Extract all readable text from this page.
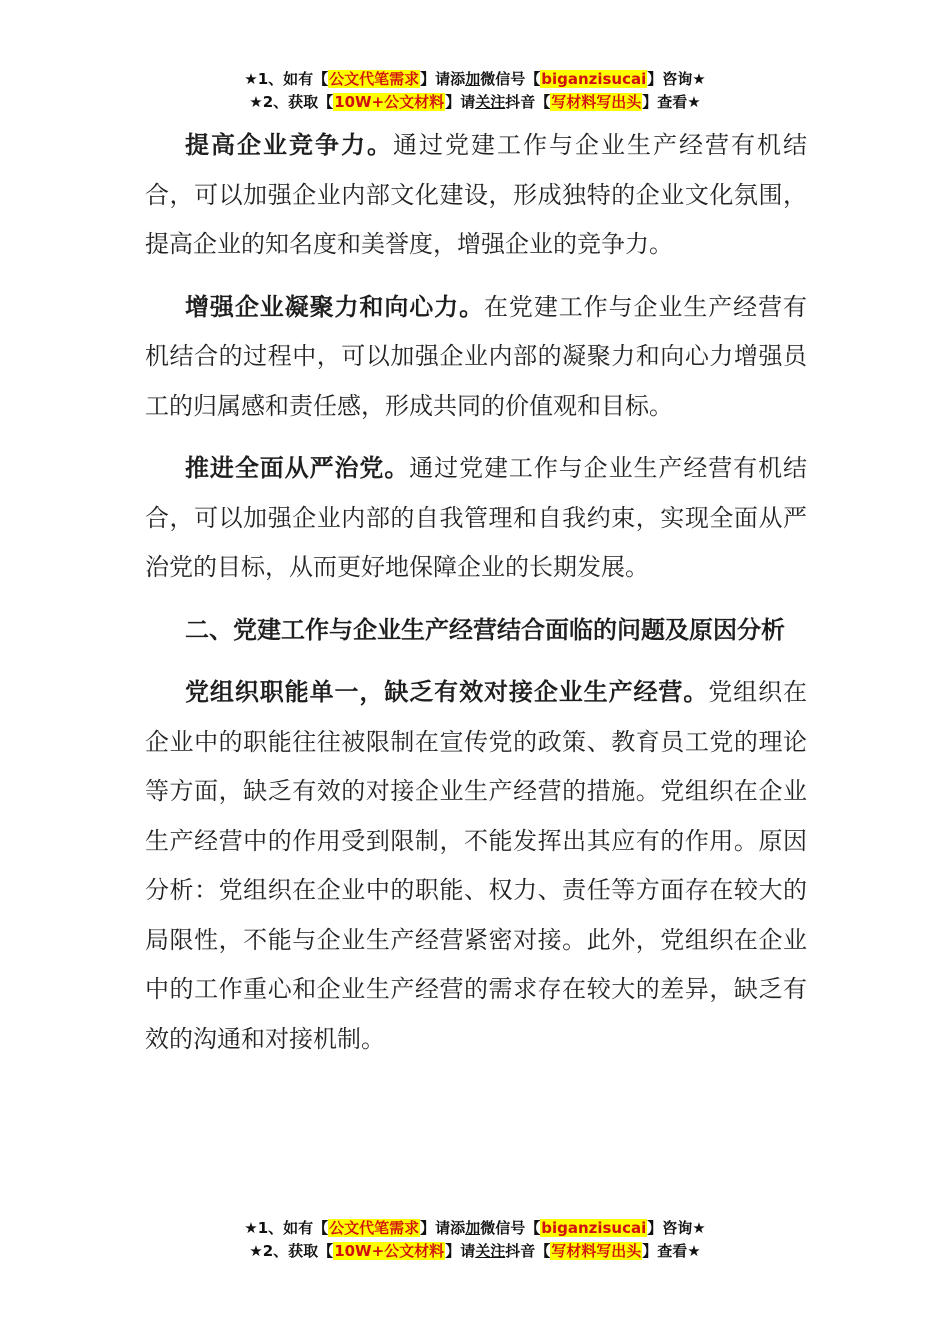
★1、如有【公文代笔需求】请添加微信号【biganzisucai】咨询★
★2、获取【10W+公文材料】请关注抖音【写材料写出头】查看★

提高企业竞争力。通过党建工作与企业生产经营有机结合，可以加强企业内部文化建设，形成独特的企业文化氛围，提高企业的知名度和美誉度，增强企业的竞争力。

增强企业凝聚力和向心力。在党建工作与企业生产经营有机结合的过程中，可以加强企业内部的凝聚力和向心力增强员工的归属感和责任感，形成共同的价值观和目标。

推进全面从严治党。通过党建工作与企业生产经营有机结合，可以加强企业内部的自我管理和自我约束，实现全面从严治党的目标，从而更好地保障企业的长期发展。

二、党建工作与企业生产经营结合面临的问题及原因分析

党组织职能单一，缺乏有效对接企业生产经营。党组织在企业中的职能往往被限制在宣传党的政策、教育员工党的理论等方面，缺乏有效的对接企业生产经营的措施。党组织在企业生产经营中的作用受到限制，不能发挥出其应有的作用。原因分析：党组织在企业中的职能、权力、责任等方面存在较大的局限性，不能与企业生产经营紧密对接。此外，党组织在企业中的工作重心和企业生产经营的需求存在较大的差异，缺乏有效的沟通和对接机制。

★1、如有【公文代笔需求】请添加微信号【biganzisucai】咨询★
★2、获取【10W+公文材料】请关注抖音【写材料写出头】查看★
